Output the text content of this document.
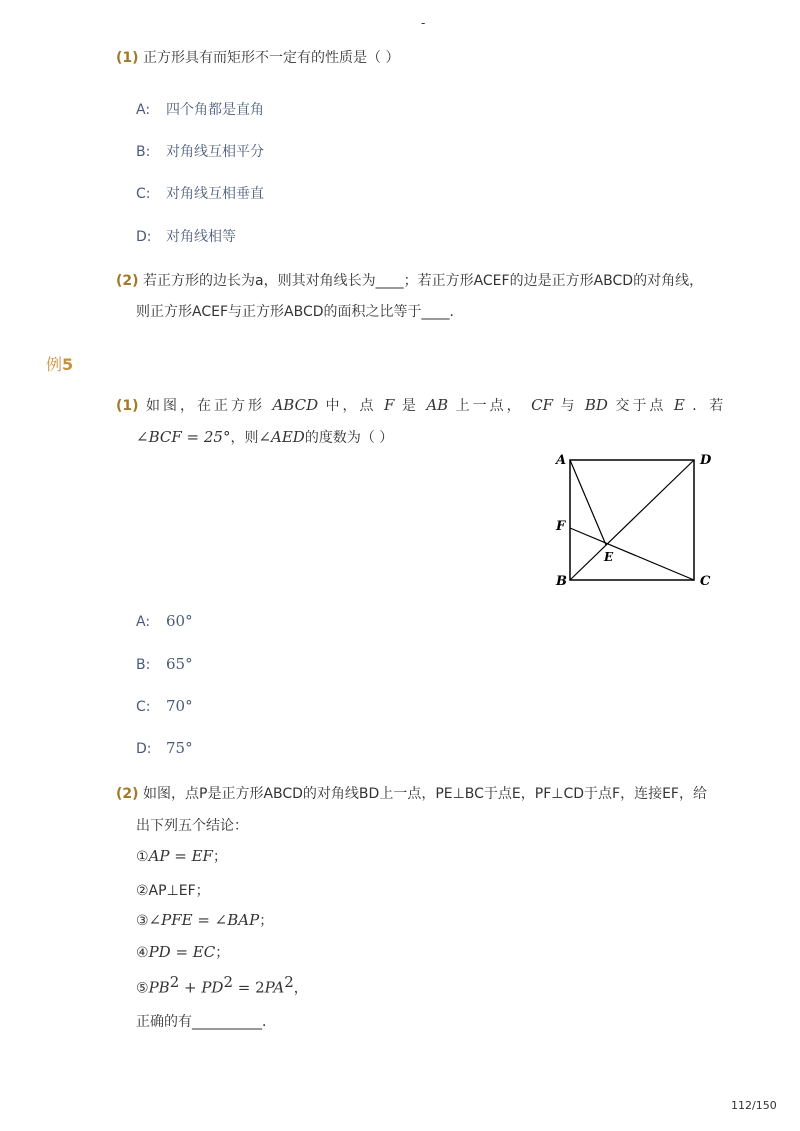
-
(1) 正方形具有而矩形不一定有的性质是（ ）
A: 四个角都是直角
B: 对角线互相平分
C: 对角线互相垂直
D: 对角线相等
(2) 若正方形的边长为a，则其对角线长为____；若正方形ACEF的边是正方形ABCD的对角线，
则正方形ACEF与正方形ABCD的面积之比等于____．
例5
(1) 如图，在正方形 ABCD 中，点 F 是 AB 上一点， CF 与 BD 交于点 E ．若
∠BCF = 25°，则∠AED的度数为（ ）
A	D
F
E
B	C
A: 60°
B: 65°
C: 70°
D: 75°
(2) 如图，点P是正方形ABCD的对角线BD上一点，PE⊥BC于点E，PF⊥CD于点F，连接EF，给
出下列五个结论：
①AP = EF；
②AP⊥EF；
③∠PFE = ∠BAP；
④PD = EC；
$⑤PB^2 + PD^2 = 2PA^2$，
正确的有__________．
112/150
